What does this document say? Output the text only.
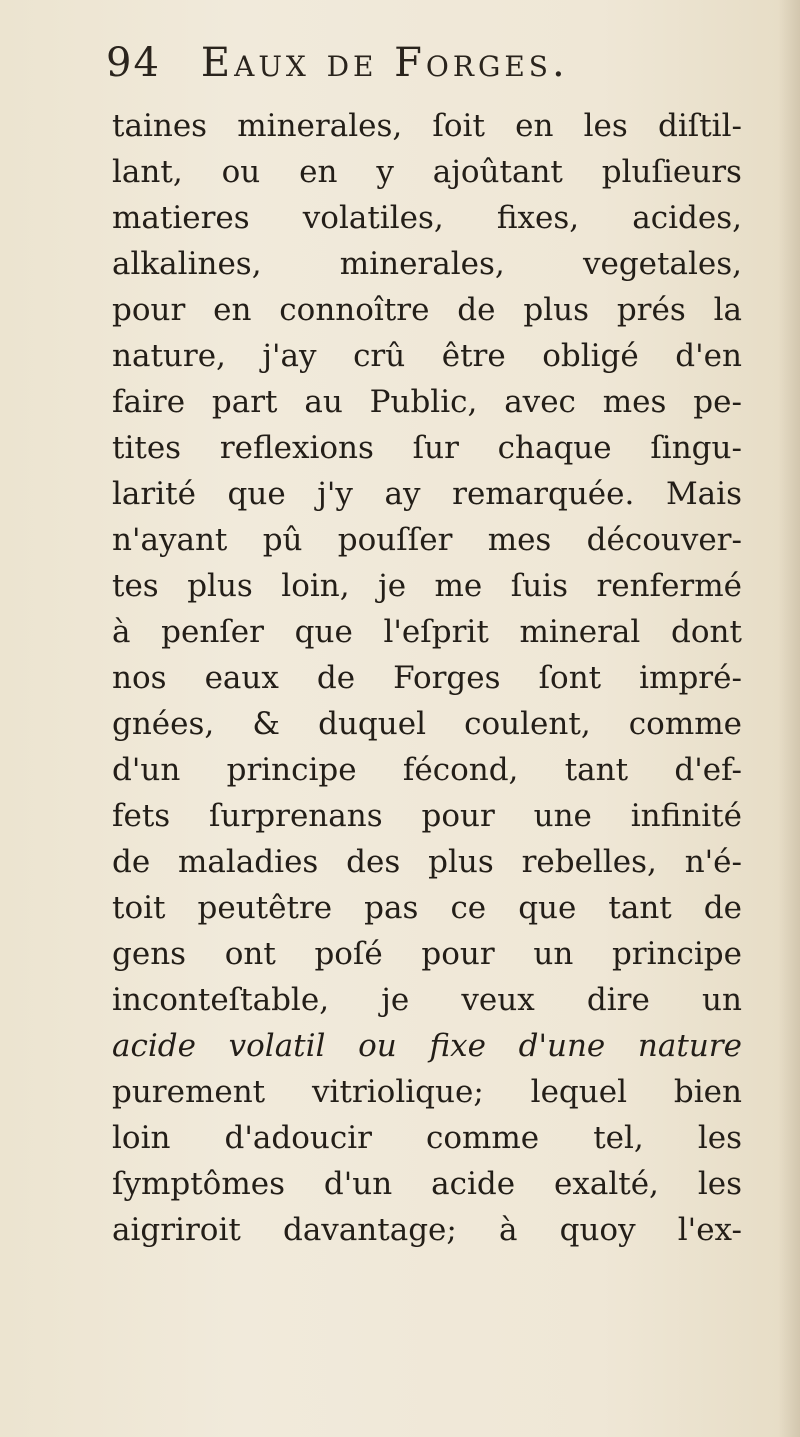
94 Eaux de Forges.
taines minerales, ſoit en les diſtil-
lant, ou en y ajoûtant pluſieurs
matieres volatiles, fixes, acides,
alkalines,	minerales,	vegetales,
pour en connoître de plus prés la
nature, j'ay crû être obligé d'en
faire part au Public, avec mes pe-
tites reflexions ſur chaque ſingu-
larité que j'y ay remarquée. Mais
n'ayant pû pouſſer mes découver-
tes plus loin, je me ſuis renfermé
à penſer que l'eſprit mineral dont
nos eaux de Forges ſont impré-
gnées, & duquel coulent, comme
d'un principe fécond, tant d'ef-
fets ſurprenans pour une infinité
de maladies des plus rebelles, n'é-
toit peutêtre pas ce que tant de
gens ont poſé pour un principe
inconteſtable, je veux dire un
acide volatil ou fixe d'une nature
purement vitriolique; lequel bien
loin d'adoucir comme tel, les
ſymptômes d'un acide exalté, les
aigriroit davantage; à quoy l'ex-
